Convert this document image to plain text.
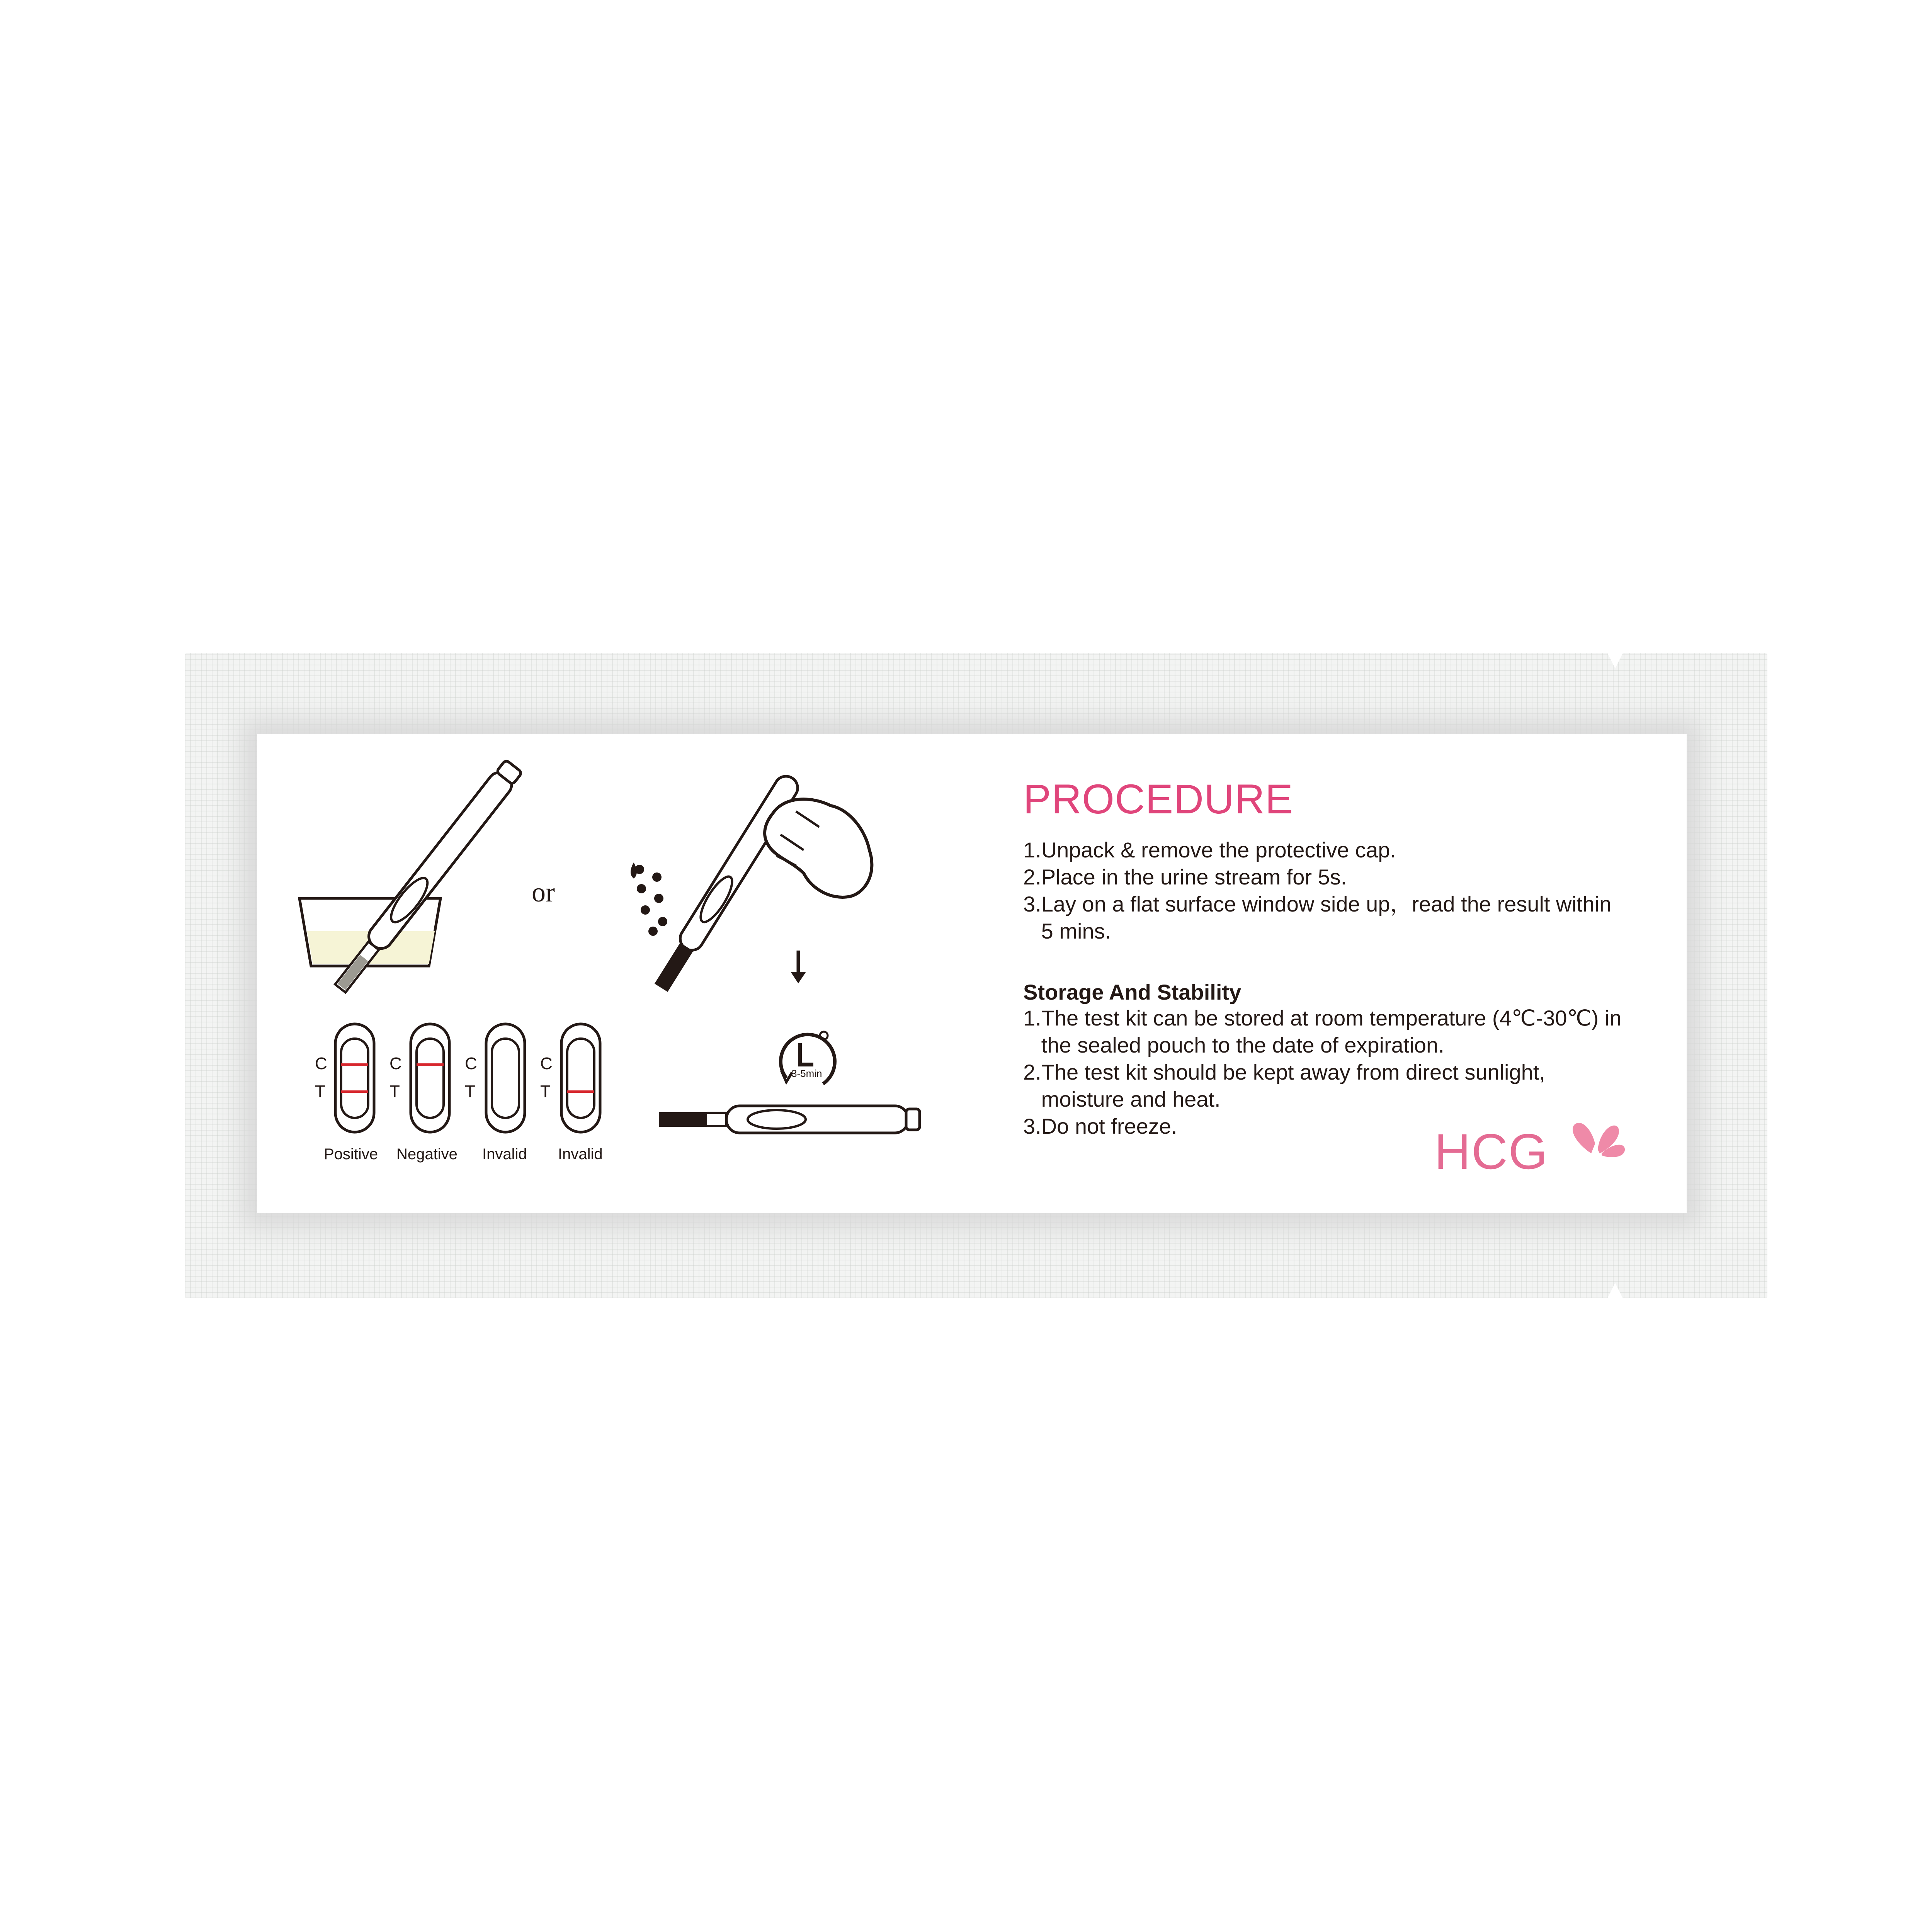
or
3-5min
C
T
C
T
C
T
C
T
Positive Negative Invalid Invalid
PROCEDURE
1.Unpack & remove the protective cap.
2.Place in the urine stream for 5s.
3.Lay on a flat surface window side up，read the result within
5 mins.
Storage And Stability
1.The test kit can be stored at room temperature (4℃-30℃) in
the sealed pouch to the date of expiration.
2.The test kit should be kept away from direct sunlight,
moisture and heat.
3.Do not freeze.	HCG
